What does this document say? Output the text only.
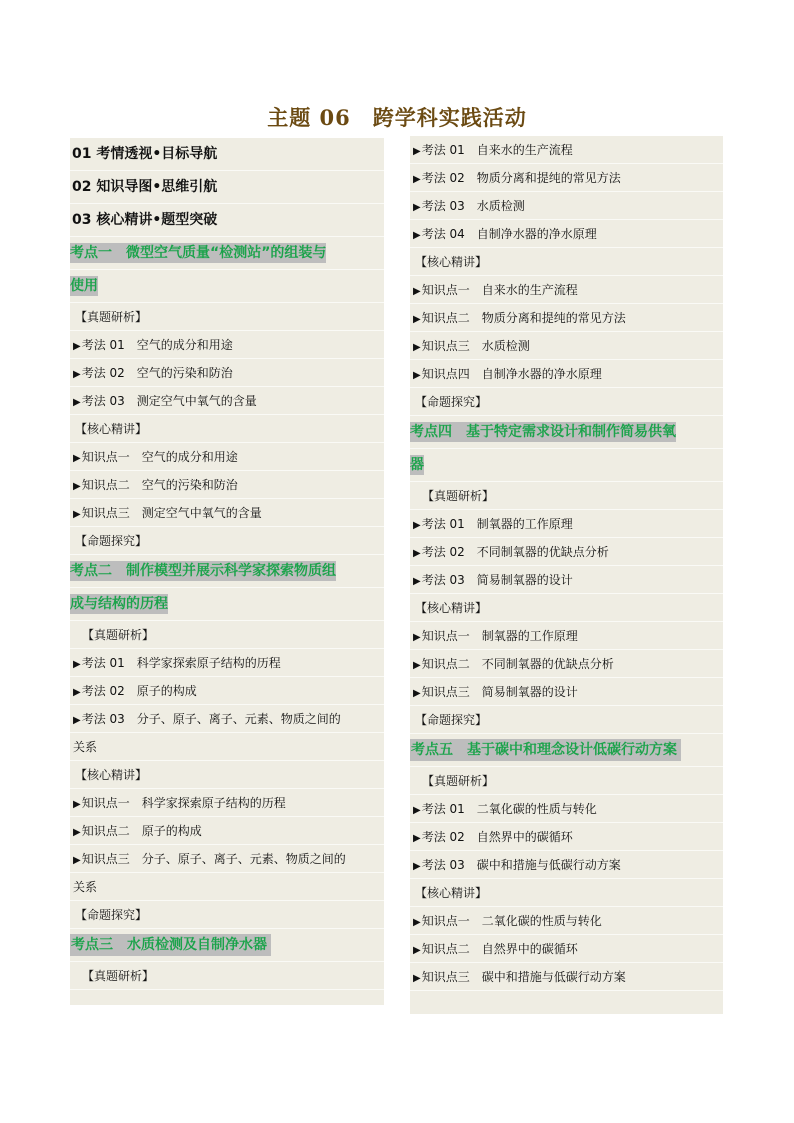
主题 06　跨学科实践活动
01 考情透视•目标导航
02 知识导图•思维引航
03 核心精讲•题型突破
考点一　微型空气质量“检测站”的组装与
使用
【真题研析】
▶考法 01　空气的成分和用途
▶考法 02　空气的污染和防治
▶考法 03　测定空气中氧气的含量
【核心精讲】
▶知识点一　空气的成分和用途
▶知识点二　空气的污染和防治
▶知识点三　测定空气中氧气的含量
【命题探究】
考点二　制作模型并展示科学家探索物质组
成与结构的历程
【真题研析】
▶考法 01　科学家探索原子结构的历程
▶考法 02　原子的构成
▶考法 03　分子、原子、离子、元素、物质之间的
关系
【核心精讲】
▶知识点一　科学家探索原子结构的历程
▶知识点二　原子的构成
▶知识点三　分子、原子、离子、元素、物质之间的
关系
【命题探究】
考点三　水质检测及自制净水器
【真题研析】
▶考法 01　自来水的生产流程
▶考法 02　物质分离和提纯的常见方法
▶考法 03　水质检测
▶考法 04　自制净水器的净水原理
【核心精讲】
▶知识点一　自来水的生产流程
▶知识点二　物质分离和提纯的常见方法
▶知识点三　水质检测
▶知识点四　自制净水器的净水原理
【命题探究】
考点四　基于特定需求设计和制作简易供氧
器
【真题研析】
▶考法 01　制氧器的工作原理
▶考法 02　不同制氧器的优缺点分析
▶考法 03　简易制氧器的设计
【核心精讲】
▶知识点一　制氧器的工作原理
▶知识点二　不同制氧器的优缺点分析
▶知识点三　简易制氧器的设计
【命题探究】
考点五　基于碳中和理念设计低碳行动方案
【真题研析】
▶考法 01　二氧化碳的性质与转化
▶考法 02　自然界中的碳循环
▶考法 03　碳中和措施与低碳行动方案
【核心精讲】
▶知识点一　二氧化碳的性质与转化
▶知识点二　自然界中的碳循环
▶知识点三　碳中和措施与低碳行动方案
